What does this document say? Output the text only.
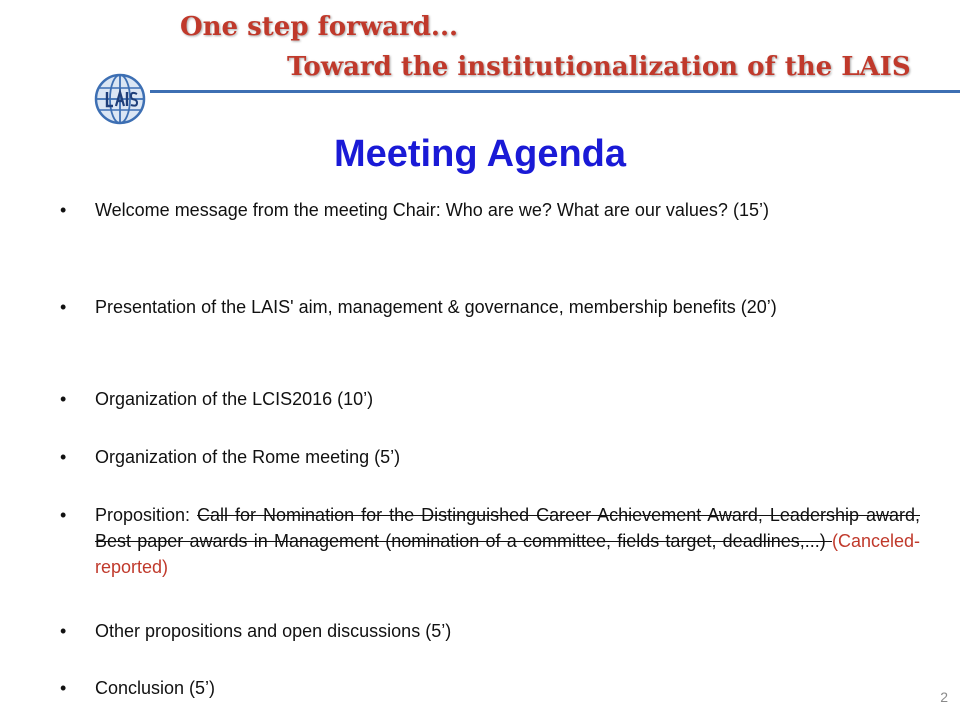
One step forward...
Toward the institutionalization of the LAIS
Meeting Agenda
• Welcome message from the meeting Chair: Who are we? What are our values? (15’)
• Presentation of the LAIS' aim, management & governance, membership benefits (20’)
• Organization of the LCIS2016 (10’)
• Organization of the Rome meeting (5’)
• Proposition: Call for Nomination for the Distinguished Career Achievement Award, Leadership award, Best paper awards in Management (nomination of a committee, fields target, deadlines,...) (Canceled- reported)
• Other propositions and open discussions (5’)
• Conclusion (5’)	2
